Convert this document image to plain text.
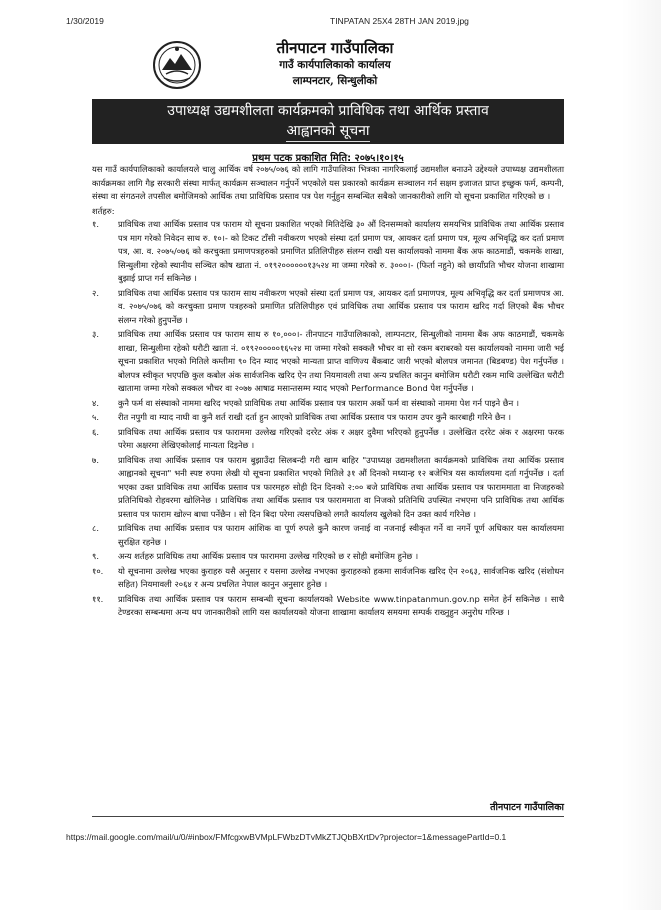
1/30/2019	TINPATAN 25X4 28TH JAN 2019.jpg
तीनपाटन गाउँपालिका
गाउँ कार्यपालिकाको कार्यालय
लाम्पनटार, सिन्धुलीको
उपाध्यक्ष उद्यमशीलता कार्यक्रमको प्राविधिक तथा आर्थिक प्रस्ताव
आह्वानको सूचना
प्रथम पटक प्रकाशित मिति: २०७५।१०।१५

यस गाउँ कार्यपालिकाको कार्यालयले चालु आर्थिक वर्ष २०७५/०७६ को लागि गाउँपालिका भित्रका नागरिकलाई उद्यमशील बनाउने उद्देश्यले उपाध्यक्ष उद्यमशीलता कार्यक्रमका लागि गैह्र सरकारी संस्था मार्फत् कार्यक्रम सञ्चालन गर्नुपर्ने भएकोले यस प्रकारको कार्यक्रम सञ्चालन गर्न सक्षम इजाजत प्राप्त इच्छुक फर्म, कम्पनी, संस्था वा संगठनले तपसील बमोजिमको आर्थिक तथा प्राविधिक प्रस्ताव पत्र पेश गर्नुहुन सम्बन्धित सबैको जानकारीको लागि यो सूचना प्रकाशित गरिएको छ ।

शर्तहरु:

१.	प्राविधिक तथा आर्थिक प्रस्ताव पत्र फाराम यो सूचना प्रकाशित भएको मितिदेखि ३० औं दिनसम्मको कार्यालय समयभित्र प्राविधिक तथा आर्थिक प्रस्ताव पत्र माग गरेको निवेदन साथ रु. १०।- को टिकट टाँसी नवीकरण भएको संस्था दर्ता प्रमाण पत्र, आयकर दर्ता प्रमाण पत्र, मूल्य अभिवृद्धि कर दर्ता प्रमाण पत्र, आ. व. २०७५/०७६ को करचुक्ता प्रमाणपत्रहरुको प्रमाणित प्रतिलिपीहरु संलग्न राखी यस कार्यालयको नाममा बैंक अफ काठमाडौं, चकमके शाखा, सिन्धुलीमा रहेको स्थानीय सञ्चित कोष खाता नं. ०१९२००००००१३५२४ मा जम्मा गरेको रु. ३०००।- (फिर्ता नहुने) को छायाँप्रति भौचर योजना शाखामा बुझाई प्राप्त गर्न सकिनेछ ।
२.	प्राविधिक तथा आर्थिक प्रस्ताव पत्र फाराम साथ नवीकरण भएको संस्था दर्ता प्रमाण पत्र, आयकर दर्ता प्रमाणपत्र, मूल्य अभिवृद्धि कर दर्ता प्रमाणपत्र आ. व. २०७५/०७६ को करचुक्ता प्रमाण पत्रहरुको प्रमाणित प्रतिलिपीहरु एवं प्राविधिक तथा आर्थिक प्रस्ताव पत्र फाराम खरिद गर्दा लिएको बैंक भौचर संलग्न गरेको हुनुपर्नेछ ।
३.	प्राविधिक तथा आर्थिक प्रस्ताव पत्र फाराम साथ रु १०,०००।- तीनपाटन गाउँपालिकाको, लाम्पनटार, सिन्धुलीको नाममा बैंक अफ काठमाडौं, चकमके शाखा, सिन्धुलीमा रहेको धरौटी खाता नं. ०१९२०००००१६५२४ मा जम्मा गरेको सक्कलै भौचर वा सो रकम बराबरको यस कार्यालयको नाममा जारी भई सूचना प्रकाशित भएको मितिले कम्तीमा ९० दिन म्याद भएको मान्यता प्राप्त वाणिज्य बैंकबाट जारी भएको बोलपत्र जमानत (बिडबण्ड) पेश गर्नुपर्नेछ । बोलपत्र स्वीकृत भएपछि कुल कबोल अंक सार्वजनिक खरिद ऐन तथा नियमावली तथा अन्य प्रचलित कानुन बमोजिम धरौटी रकम माथि उल्लेखित धरौटी खातामा जम्मा गरेको सक्कल भौचर वा २०७७ आषाढ मसान्तसम्म म्याद भएको Performance Bond पेश गर्नुपर्नेछ ।
४.	कुनै फर्म वा संस्थाको नाममा खरिद भएको प्राविधिक तथा आर्थिक प्रस्ताव पत्र फाराम अर्को फर्म वा संस्थाको नाममा पेश गर्न पाइने छैन ।
५.	रीत नपुगी वा म्याद नाघी वा कुनै शर्त राखी दर्ता हुन आएको प्राविधिक तथा आर्थिक प्रस्ताव पत्र फाराम उपर कुनै कारबाही गरिने छैन ।
६.	प्राविधिक तथा आर्थिक प्रस्ताव पत्र फाराममा उल्लेख गरिएको दररेट अंक र अक्षर दुवैमा भरिएको हुनुपर्नेछ । उल्लेखित दररेट अंक र अक्षरमा फरक परेमा अक्षरमा लेखिएकोलाई मान्यता दिइनेछ ।
७.	प्राविधिक तथा आर्थिक प्रस्ताव पत्र फाराम बुझाउँदा सिलबन्दी गरी खाम बाहिर "उपाध्यक्ष उद्यमशीलता कार्यक्रमको प्राविधिक तथा आर्थिक प्रस्ताव आह्वानको सूचना" भनी स्पष्ट रुपमा लेखी यो सूचना प्रकाशित भएको मितिले ३१ औं दिनको मध्यान्ह १२ बजेभित्र यस कार्यालयमा दर्ता गर्नुपर्नेछ । दर्ता भएका उक्त प्राविधिक तथा आर्थिक प्रस्ताव पत्र फारमहरु सोही दिन दिनको २:०० बजे प्राविधिक तथा आर्थिक प्रस्ताव पत्र फाराममाता वा निजहरुको प्रतिनिधिको रोहवरमा खोलिनेछ । प्राविधिक तथा आर्थिक प्रस्ताव पत्र फाराममाता वा निजको प्रतिनिधि उपस्थित नभएमा पनि प्राविधिक तथा आर्थिक प्रस्ताव पत्र फाराम खोल्न बाधा पर्नेछैन । सो दिन बिदा परेमा त्यसपछिको लगतै कार्यालय खुलेको दिन उक्त कार्य गरिनेछ ।
८.	प्राविधिक तथा आर्थिक प्रस्ताव पत्र फाराम आंशिक वा पूर्ण रुपले कुनै कारण जनाई वा नजनाई स्वीकृत गर्ने वा नगर्ने पूर्ण अधिकार यस कार्यालयमा सुरक्षित रहनेछ ।
९.	अन्य शर्तहरु प्राविधिक तथा आर्थिक प्रस्ताव पत्र फाराममा उल्लेख गरिएको छ र सोही बमोजिम हुनेछ ।
१०.	यो सूचनामा उल्लेख भएका कुराहरु यसै अनुसार र यसमा उल्लेख नभएका कुराहरुको हकमा सार्वजनिक खरिद ऐन २०६३, सार्वजनिक खरिद (संशोधन सहित) नियमावली २०६४ र अन्य प्रचलित नेपाल कानुन अनुसार हुनेछ ।
११.	प्राविधिक तथा आर्थिक प्रस्ताव पत्र फाराम सम्बन्धी सूचना कार्यालयको Website www.tinpatanmun.gov.np समेत हेर्न सकिनेछ । साथै टेण्डरका सम्बन्धमा अन्य थप जानकारीको लागि यस कार्यालयको योजना शाखामा कार्यालय समयमा सम्पर्क राख्नुहुन अनुरोध गरिन्छ ।
तीनपाटन गाउँपालिका
https://mail.google.com/mail/u/0/#inbox/FMfcgxwBVMpLFWbzDTvMkZTJQbBXrtDv?projector=1&messagePartId=0.1
